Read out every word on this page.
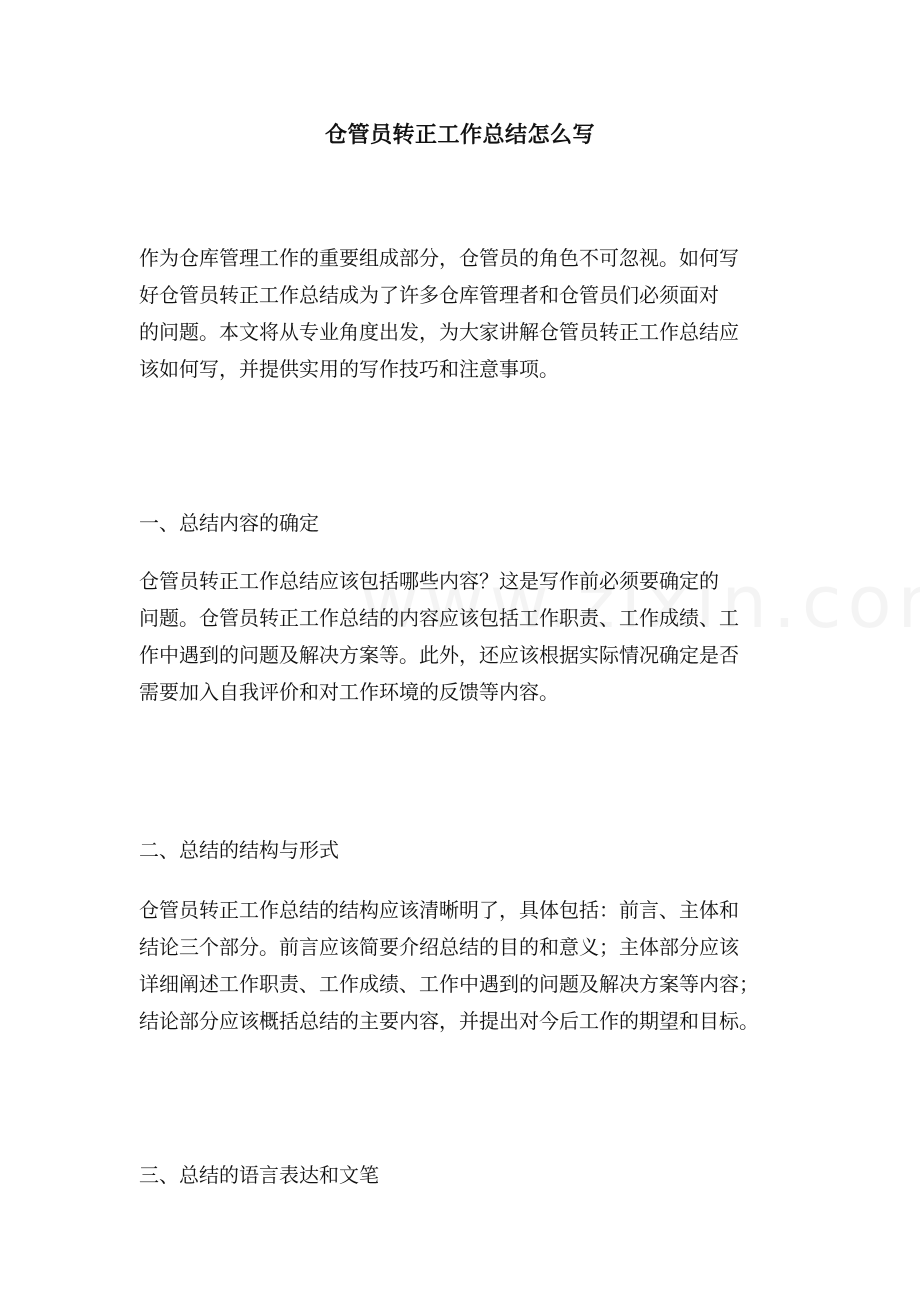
仓管员转正工作总结怎么写
作为仓库管理工作的重要组成部分，仓管员的角色不可忽视。如何写
好仓管员转正工作总结成为了许多仓库管理者和仓管员们必须面对
的问题。本文将从专业角度出发，为大家讲解仓管员转正工作总结应
该如何写，并提供实用的写作技巧和注意事项。
一、总结内容的确定
仓管员转正工作总结应该包括哪些内容？这是写作前必须要确定的
问题。仓管员转正工作总结的内容应该包括工作职责、工作成绩、工
作中遇到的问题及解决方案等。此外，还应该根据实际情况确定是否
需要加入自我评价和对工作环境的反馈等内容。
二、总结的结构与形式
仓管员转正工作总结的结构应该清晰明了，具体包括：前言、主体和
结论三个部分。前言应该简要介绍总结的目的和意义；主体部分应该
详细阐述工作职责、工作成绩、工作中遇到的问题及解决方案等内容；
结论部分应该概括总结的主要内容，并提出对今后工作的期望和目标。
三、总结的语言表达和文笔
